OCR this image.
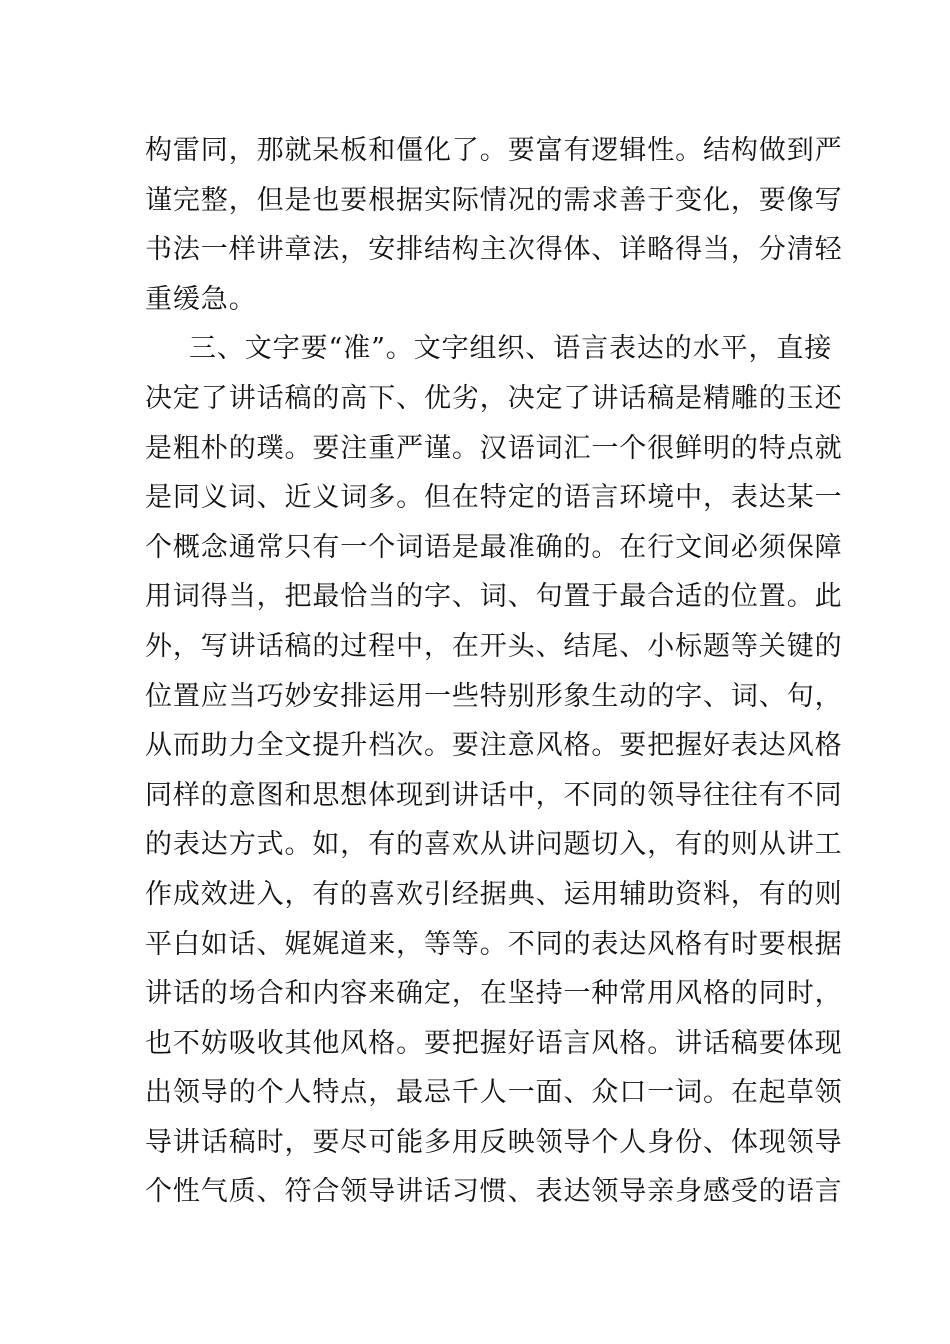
构雷同，那就呆板和僵化了。要富有逻辑性。结构做到严
谨完整，但是也要根据实际情况的需求善于变化，要像写
书法一样讲章法，安排结构主次得体、详略得当，分清轻
重缓急。
三、文字要“准”。文字组织、语言表达的水平，直接
决定了讲话稿的高下、优劣，决定了讲话稿是精雕的玉还
是粗朴的璞。要注重严谨。汉语词汇一个很鲜明的特点就
是同义词、近义词多。但在特定的语言环境中，表达某一
个概念通常只有一个词语是最准确的。在行文间必须保障
用词得当，把最恰当的字、词、句置于最合适的位置。此
外，写讲话稿的过程中，在开头、结尾、小标题等关键的
位置应当巧妙安排运用一些特别形象生动的字、词、句，
从而助力全文提升档次。要注意风格。要把握好表达风格
同样的意图和思想体现到讲话中，不同的领导往往有不同
的表达方式。如，有的喜欢从讲问题切入，有的则从讲工
作成效进入，有的喜欢引经据典、运用辅助资料，有的则
平白如话、娓娓道来，等等。不同的表达风格有时要根据
讲话的场合和内容来确定，在坚持一种常用风格的同时，
也不妨吸收其他风格。要把握好语言风格。讲话稿要体现
出领导的个人特点，最忌千人一面、众口一词。在起草领
导讲话稿时，要尽可能多用反映领导个人身份、体现领导
个性气质、符合领导讲话习惯、表达领导亲身感受的语言
